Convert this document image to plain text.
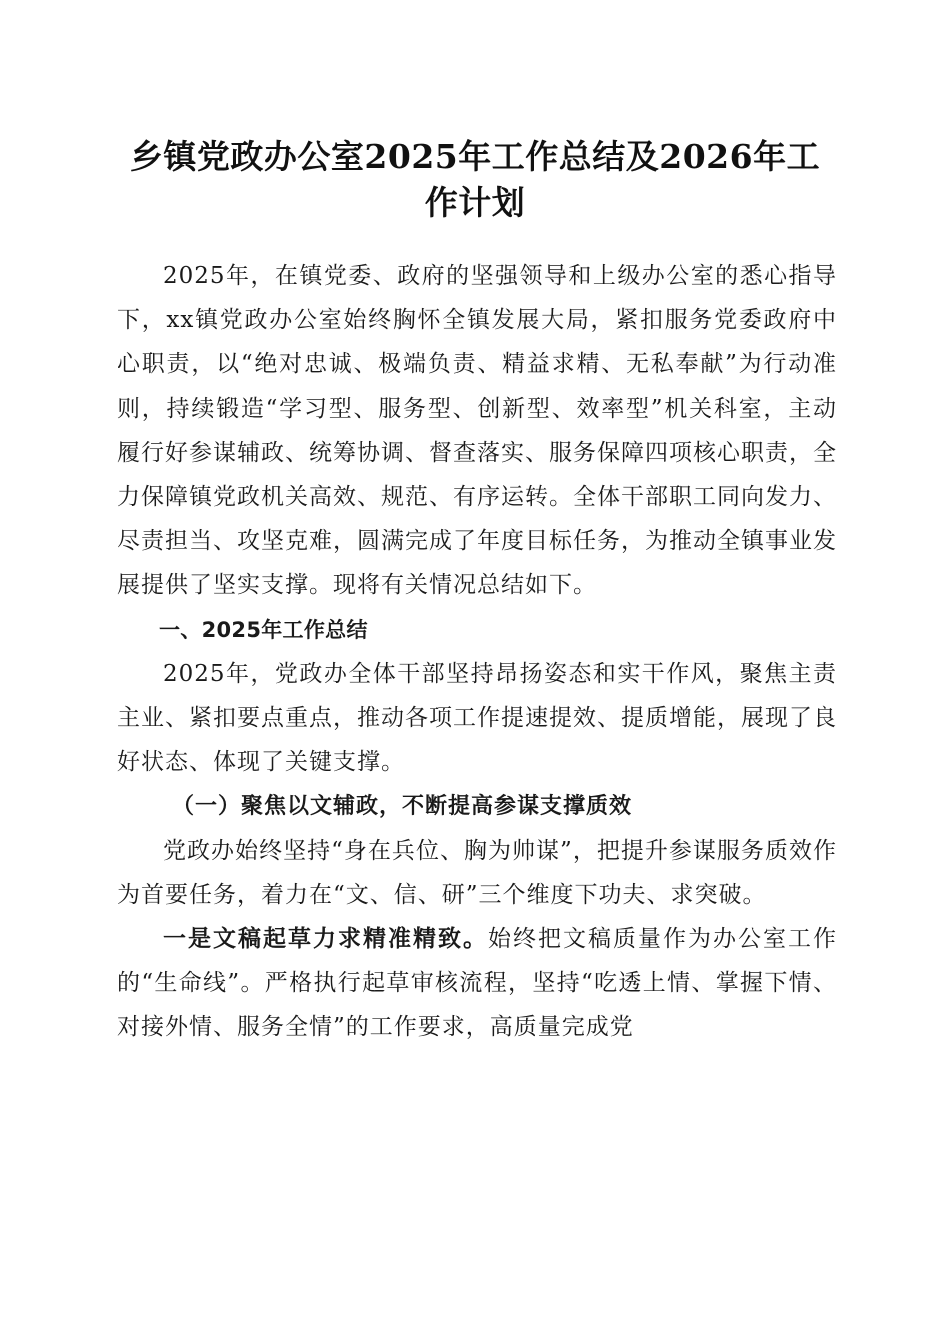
乡镇党政办公室2025年工作总结及2026年工
作计划

2025年，在镇党委、政府的坚强领导和上级办公室的悉心指导下，xx镇党政办公室始终胸怀全镇发展大局，紧扣服务党委政府中心职责，以“绝对忠诚、极端负责、精益求精、无私奉献”为行动准则，持续锻造“学习型、服务型、创新型、效率型”机关科室，主动履行好参谋辅政、统筹协调、督查落实、服务保障四项核心职责，全力保障镇党政机关高效、规范、有序运转。全体干部职工同向发力、尽责担当、攻坚克难，圆满完成了年度目标任务，为推动全镇事业发展提供了坚实支撑。现将有关情况总结如下。

一、2025年工作总结

2025年，党政办全体干部坚持昂扬姿态和实干作风，聚焦主责主业、紧扣要点重点，推动各项工作提速提效、提质增能，展现了良好状态、体现了关键支撑。

（一）聚焦以文辅政，不断提高参谋支撑质效

党政办始终坚持“身在兵位、胸为帅谋”，把提升参谋服务质效作为首要任务，着力在“文、信、研”三个维度下功夫、求突破。

一是文稿起草力求精准精致。始终把文稿质量作为办公室工作的“生命线”。严格执行起草审核流程，坚持“吃透上情、掌握下情、对接外情、服务全情”的工作要求，高质量完成党
